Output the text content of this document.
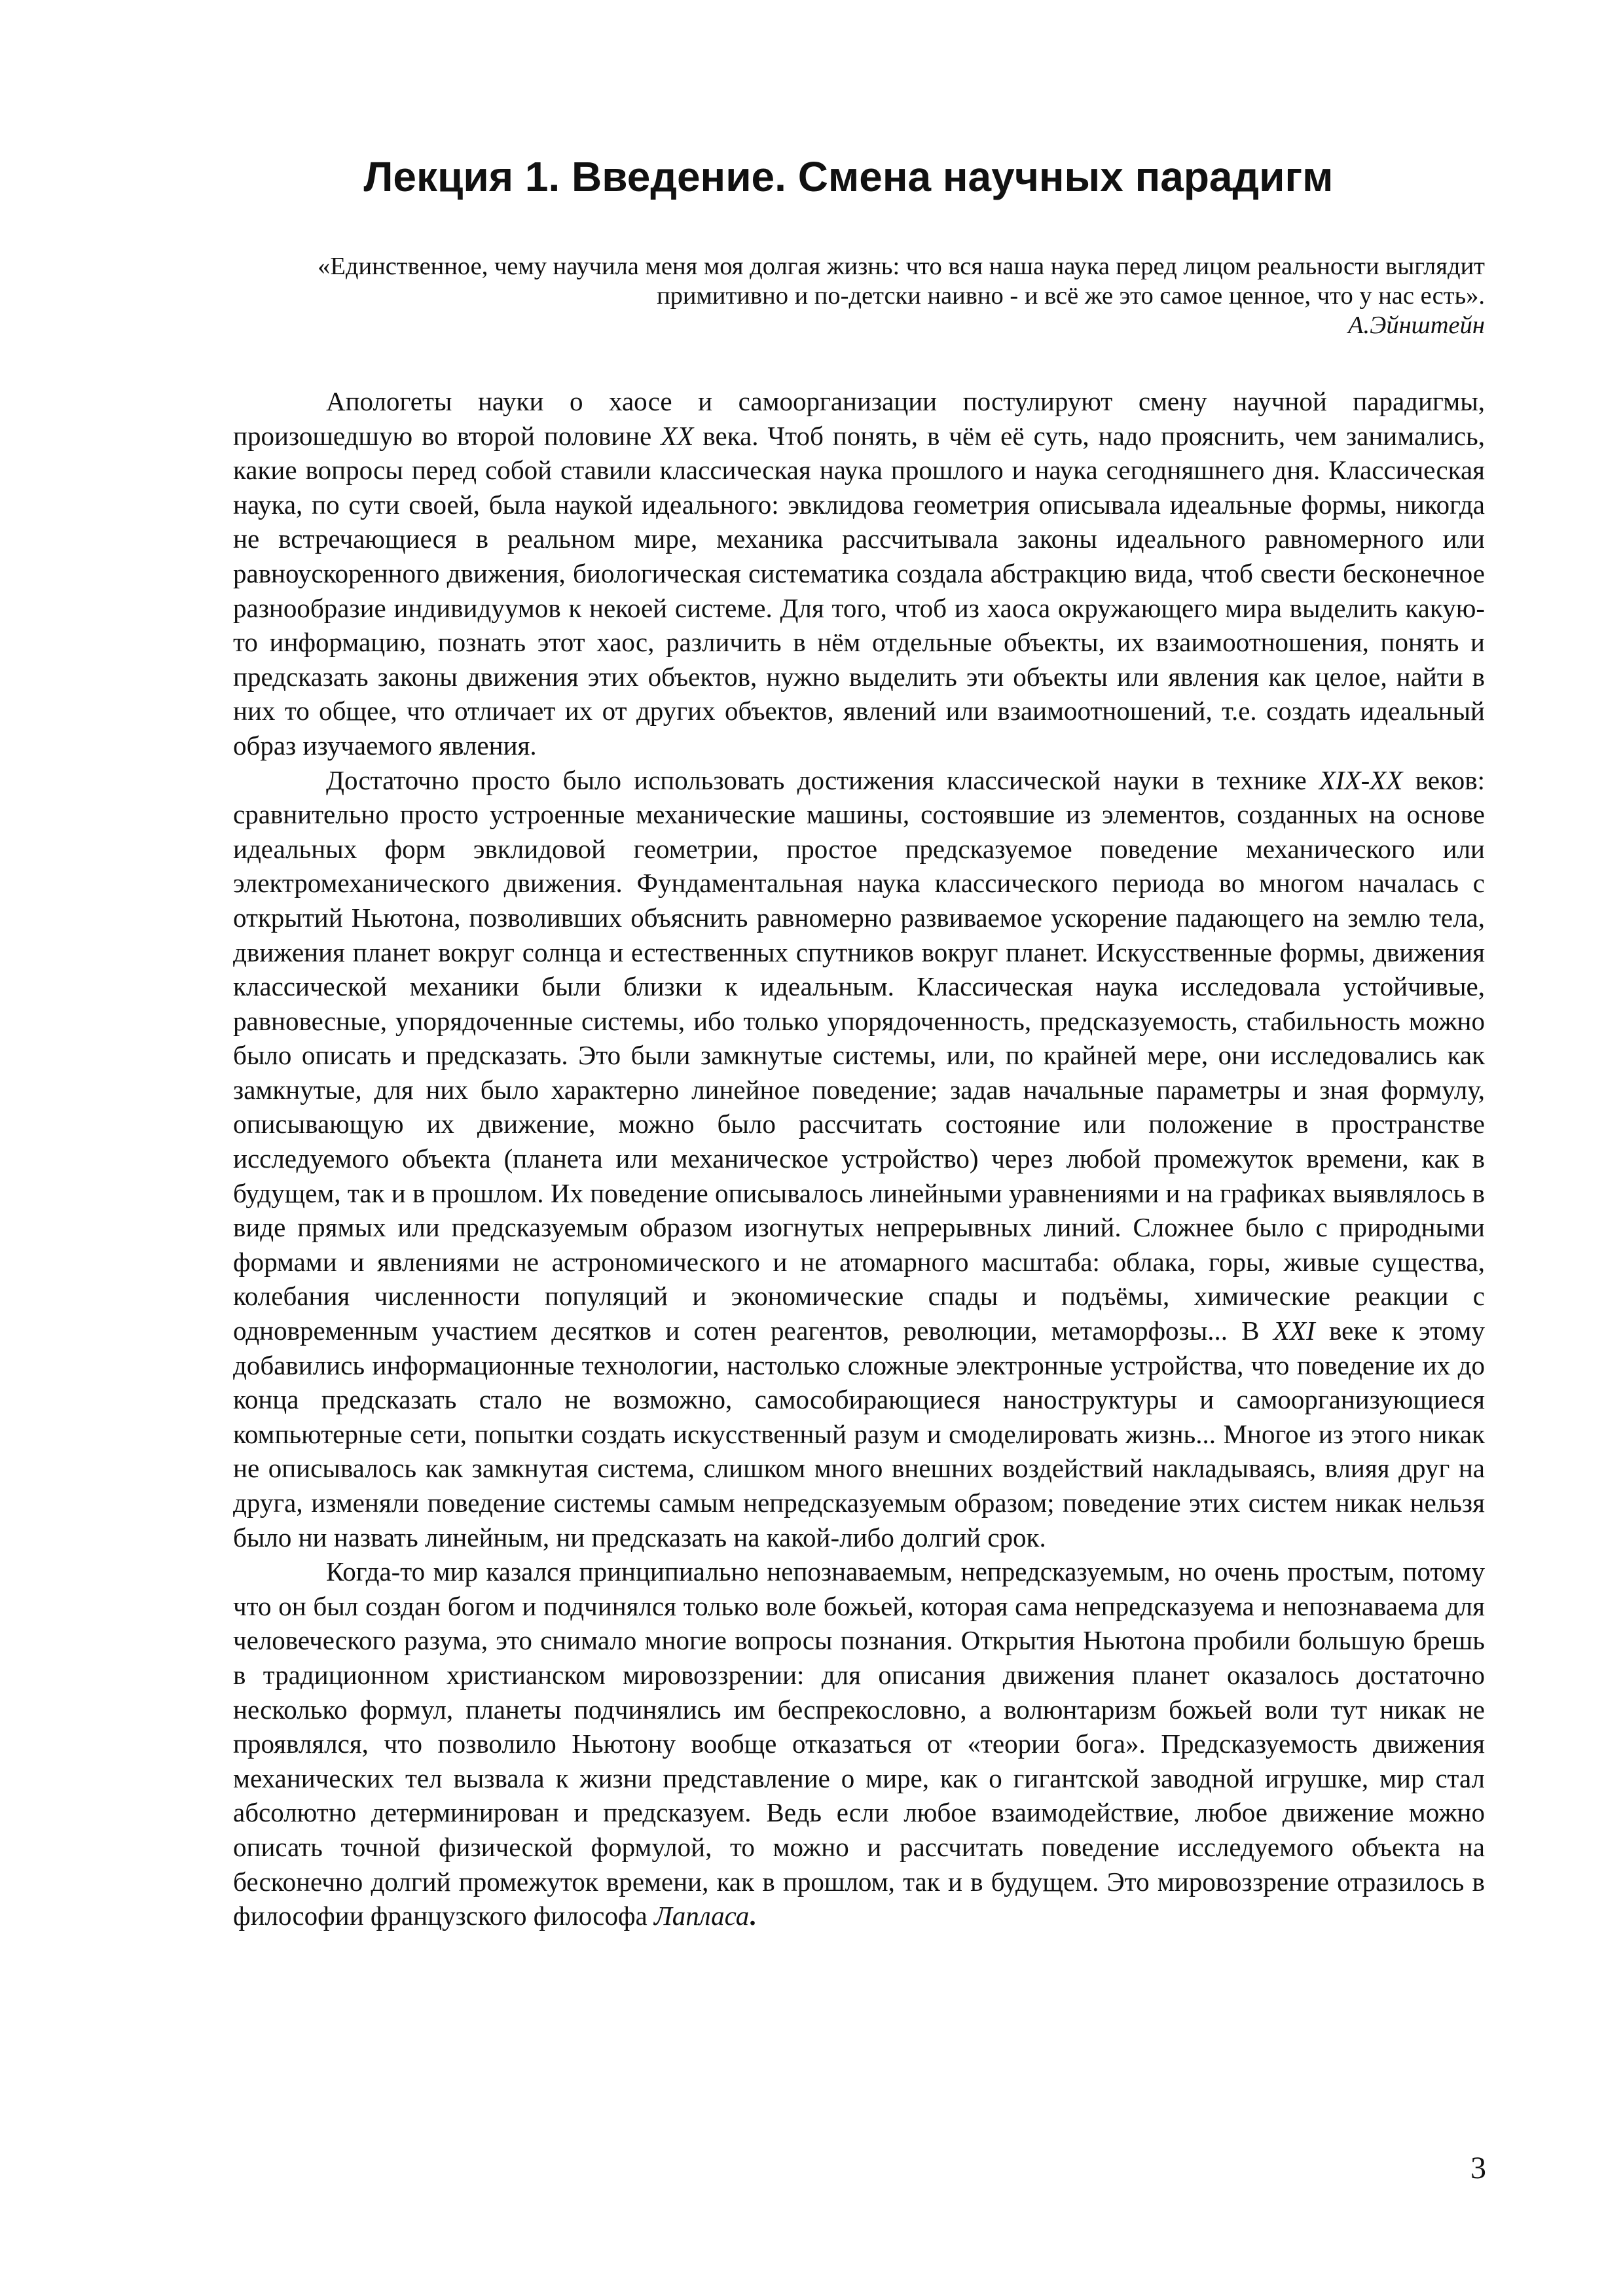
Лекция 1. Введение. Смена научных парадигм

«Единственное, чему научила меня моя долгая жизнь: что вся наша наука перед лицом реальности выглядит примитивно и по-детски наивно - и всё же это самое ценное, что у нас есть».

А.Эйнштейн

Апологеты науки о хаосе и самоорганизации постулируют смену научной парадигмы, произошедшую во второй половине XX века. Чтоб понять, в чём её суть, надо прояснить, чем занимались, какие вопросы перед собой ставили классическая наука прошлого и наука сегодняшнего дня. Классическая наука, по сути своей, была наукой идеального: эвклидова геометрия описывала идеальные формы, никогда не встречающиеся в реальном мире, механика рассчитывала законы идеального равномерного или равноускоренного движения, биологическая систематика создала абстракцию вида, чтоб свести бесконечное разнообразие индивидуумов к некоей системе. Для того, чтоб из хаоса окружающего мира выделить какую-то информацию, познать этот хаос, различить в нём отдельные объекты, их взаимоотношения, понять и предсказать законы движения этих объектов, нужно выделить эти объекты или явления как целое, найти в них то общее, что отличает их от других объектов, явлений или взаимоотношений, т.е. создать идеальный образ изучаемого явления.

Достаточно просто было использовать достижения классической науки в технике XIX-XX веков: сравнительно просто устроенные механические машины, состоявшие из элементов, созданных на основе идеальных форм эвклидовой геометрии, простое предсказуемое поведение механического или электромеханического движения. Фундаментальная наука классического периода во многом началась с открытий Ньютона, позволивших объяснить равномерно развиваемое ускорение падающего на землю тела, движения планет вокруг солнца и естественных спутников вокруг планет. Искусственные формы, движения классической механики были близки к идеальным. Классическая наука исследовала устойчивые, равновесные, упорядоченные системы, ибо только упорядоченность, предсказуемость, стабильность можно было описать и предсказать. Это были замкнутые системы, или, по крайней мере, они исследовались как замкнутые, для них было характерно линейное поведение; задав начальные параметры и зная формулу, описывающую их движение, можно было рассчитать состояние или положение в пространстве исследуемого объекта (планета или механическое устройство) через любой промежуток времени, как в будущем, так и в прошлом. Их поведение описывалось линейными уравнениями и на графиках выявлялось в виде прямых или предсказуемым образом изогнутых непрерывных линий. Сложнее было с природными формами и явлениями не астрономического и не атомарного масштаба: облака, горы, живые существа, колебания численности популяций и экономические спады и подъёмы, химические реакции с одновременным участием десятков и сотен реагентов, революции, метаморфозы... В XXI веке к этому добавились информационные технологии, настолько сложные электронные устройства, что поведение их до конца предсказать стало не возможно, самособирающиеся наноструктуры и самоорганизующиеся компьютерные сети, попытки создать искусственный разум и смоделировать жизнь... Многое из этого никак не описывалось как замкнутая система, слишком много внешних воздействий накладываясь, влияя друг на друга, изменяли поведение системы самым непредсказуемым образом; поведение этих систем никак нельзя было ни назвать линейным, ни предсказать на какой-либо долгий срок.

Когда-то мир казался принципиально непознаваемым, непредсказуемым, но очень простым, потому что он был создан богом и подчинялся только воле божьей, которая сама непредсказуема и непознаваема для человеческого разума, это снимало многие вопросы познания. Открытия Ньютона пробили большую брешь в традиционном христианском мировоззрении: для описания движения планет оказалось достаточно несколько формул, планеты подчинялись им беспрекословно, а волюнтаризм божьей воли тут никак не проявлялся, что позволило Ньютону вообще отказаться от «теории бога». Предсказуемость движения механических тел вызвала к жизни представление о мире, как о гигантской заводной игрушке, мир стал абсолютно детерминирован и предсказуем. Ведь если любое взаимодействие, любое движение можно описать точной физической формулой, то можно и рассчитать поведение исследуемого объекта на бесконечно долгий промежуток времени, как в прошлом, так и в будущем. Это мировоззрение отразилось в философии французского философа Лапласа.

3
